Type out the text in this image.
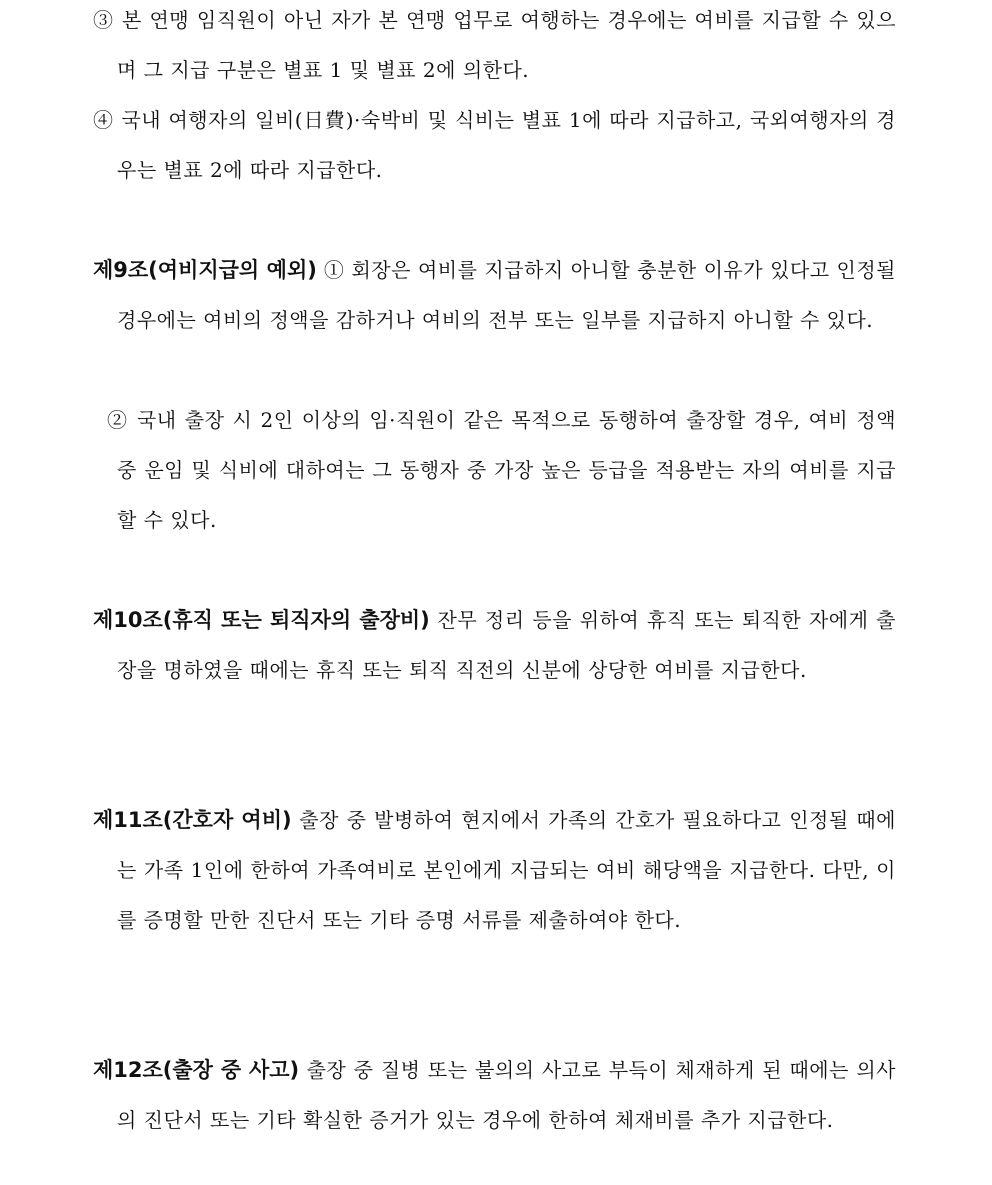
③ 본 연맹 임직원이 아닌 자가 본 연맹 업무로 여행하는 경우에는 여비를 지급할 수 있으며 그 지급 구분은 별표 1 및 별표 2에 의한다.

④ 국내 여행자의 일비(日費)·숙박비 및 식비는 별표 1에 따라 지급하고, 국외여행자의 경우는 별표 2에 따라 지급한다.

제9조(여비지급의 예외) ① 회장은 여비를 지급하지 아니할 충분한 이유가 있다고 인정될 경우에는 여비의 정액을 감하거나 여비의 전부 또는 일부를 지급하지 아니할 수 있다.

② 국내 출장 시 2인 이상의 임·직원이 같은 목적으로 동행하여 출장할 경우, 여비 정액 중 운임 및 식비에 대하여는 그 동행자 중 가장 높은 등급을 적용받는 자의 여비를 지급할 수 있다.

제10조(휴직 또는 퇴직자의 출장비) 잔무 정리 등을 위하여 휴직 또는 퇴직한 자에게 출장을 명하였을 때에는 휴직 또는 퇴직 직전의 신분에 상당한 여비를 지급한다.

제11조(간호자 여비) 출장 중 발병하여 현지에서 가족의 간호가 필요하다고 인정될 때에는 가족 1인에 한하여 가족여비로 본인에게 지급되는 여비 해당액을 지급한다. 다만, 이를 증명할 만한 진단서 또는 기타 증명 서류를 제출하여야 한다.

제12조(출장 중 사고) 출장 중 질병 또는 불의의 사고로 부득이 체재하게 된 때에는 의사의 진단서 또는 기타 확실한 증거가 있는 경우에 한하여 체재비를 추가 지급한다.
